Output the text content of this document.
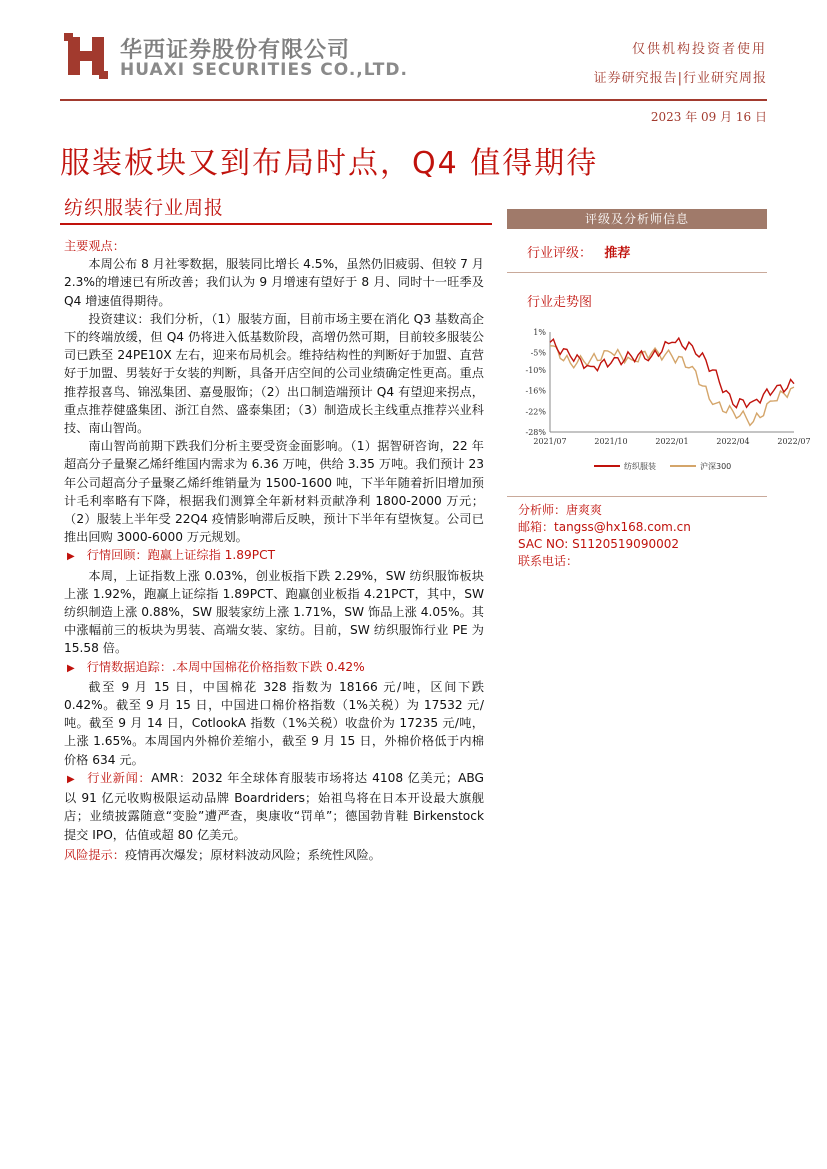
华西证券股份有限公司
HUAXI SECURITIES CO.,LTD.
仅供机构投资者使用
证券研究报告|行业研究周报
2023 年 09 月 16 日
服装板块又到布局时点，Q4 值得期待
纺织服装行业周报

主要观点：

本周公布 8 月社零数据，服装同比增长 4.5%，虽然仍旧疲弱、但较 7 月 2.3%的增速已有所改善；我们认为 9 月增速有望好于 8 月、同时十一旺季及 Q4 增速值得期待。

投资建议：我们分析，（1）服装方面，目前市场主要在消化 Q3 基数高企下的终端放缓，但 Q4 仍将进入低基数阶段，高增仍然可期，目前较多服装公司已跌至 24PE10X 左右，迎来布局机会。维持结构性的判断好于加盟、直营好于加盟、男装好于女装的判断，具备开店空间的公司业绩确定性更高。重点推荐报喜鸟、锦泓集团、嘉曼服饰；（2）出口制造端预计 Q4 有望迎来拐点，重点推荐健盛集团、浙江自然、盛泰集团；（3）制造成长主线重点推荐兴业科技、南山智尚。

南山智尚前期下跌我们分析主要受资金面影响。（1）据智研咨询，22 年超高分子量聚乙烯纤维国内需求为 6.36 万吨，供给 3.35 万吨。我们预计 23 年公司超高分子量聚乙烯纤维销量为 1500-1600 吨，下半年随着折旧增加预计毛利率略有下降，根据我们测算全年新材料贡献净利 1800-2000 万元；（2）服装上半年受 22Q4 疫情影响滞后反映，预计下半年有望恢复。公司已推出回购 3000-6000 万元规划。

▶ 行情回顾：跑赢上证综指 1.89PCT

本周，上证指数上涨 0.03%，创业板指下跌 2.29%，SW 纺织服饰板块上涨 1.92%，跑赢上证综指 1.89PCT、跑赢创业板指 4.21PCT，其中，SW 纺织制造上涨 0.88%，SW 服装家纺上涨 1.71%，SW 饰品上涨 4.05%。其中涨幅前三的板块为男装、高端女装、家纺。目前，SW 纺织服饰行业 PE 为 15.58 倍。

▶ 行情数据追踪：.本周中国棉花价格指数下跌 0.42%

截至 9 月 15 日，中国棉花 328 指数为 18166 元/吨，区间下跌 0.42%。截至 9 月 15 日，中国进口棉价格指数（1%关税）为 17532 元/吨。截至 9 月 14 日，CotlookA 指数（1%关税）收盘价为 17235 元/吨，上涨 1.65%。本周国内外棉价差缩小，截至 9 月 15 日，外棉价格低于内棉价格 634 元。

▶ 行业新闻：AMR：2032 年全球体育服装市场将达 4108 亿美元；ABG 以 91 亿元收购极限运动品牌 Boardriders；始祖鸟将在日本开设最大旗舰店；业绩披露随意“变脸”遭严查，奥康收“罚单”；德国勃肯鞋 Birkenstock 提交 IPO，估值或超 80 亿美元。

风险提示：疫情再次爆发；原材料波动风险；系统性风险。

评级及分析师信息
行业评级： 推荐
行业走势图
1%
-5%
-10%
-16%
-22%
-28%
2021/07	2021/10	2022/01	2022/04	2022/07
纺织服装	沪深300
分析师：唐爽爽
邮箱：tangss@hx168.com.cn
SAC NO: S1120519090002
联系电话：
